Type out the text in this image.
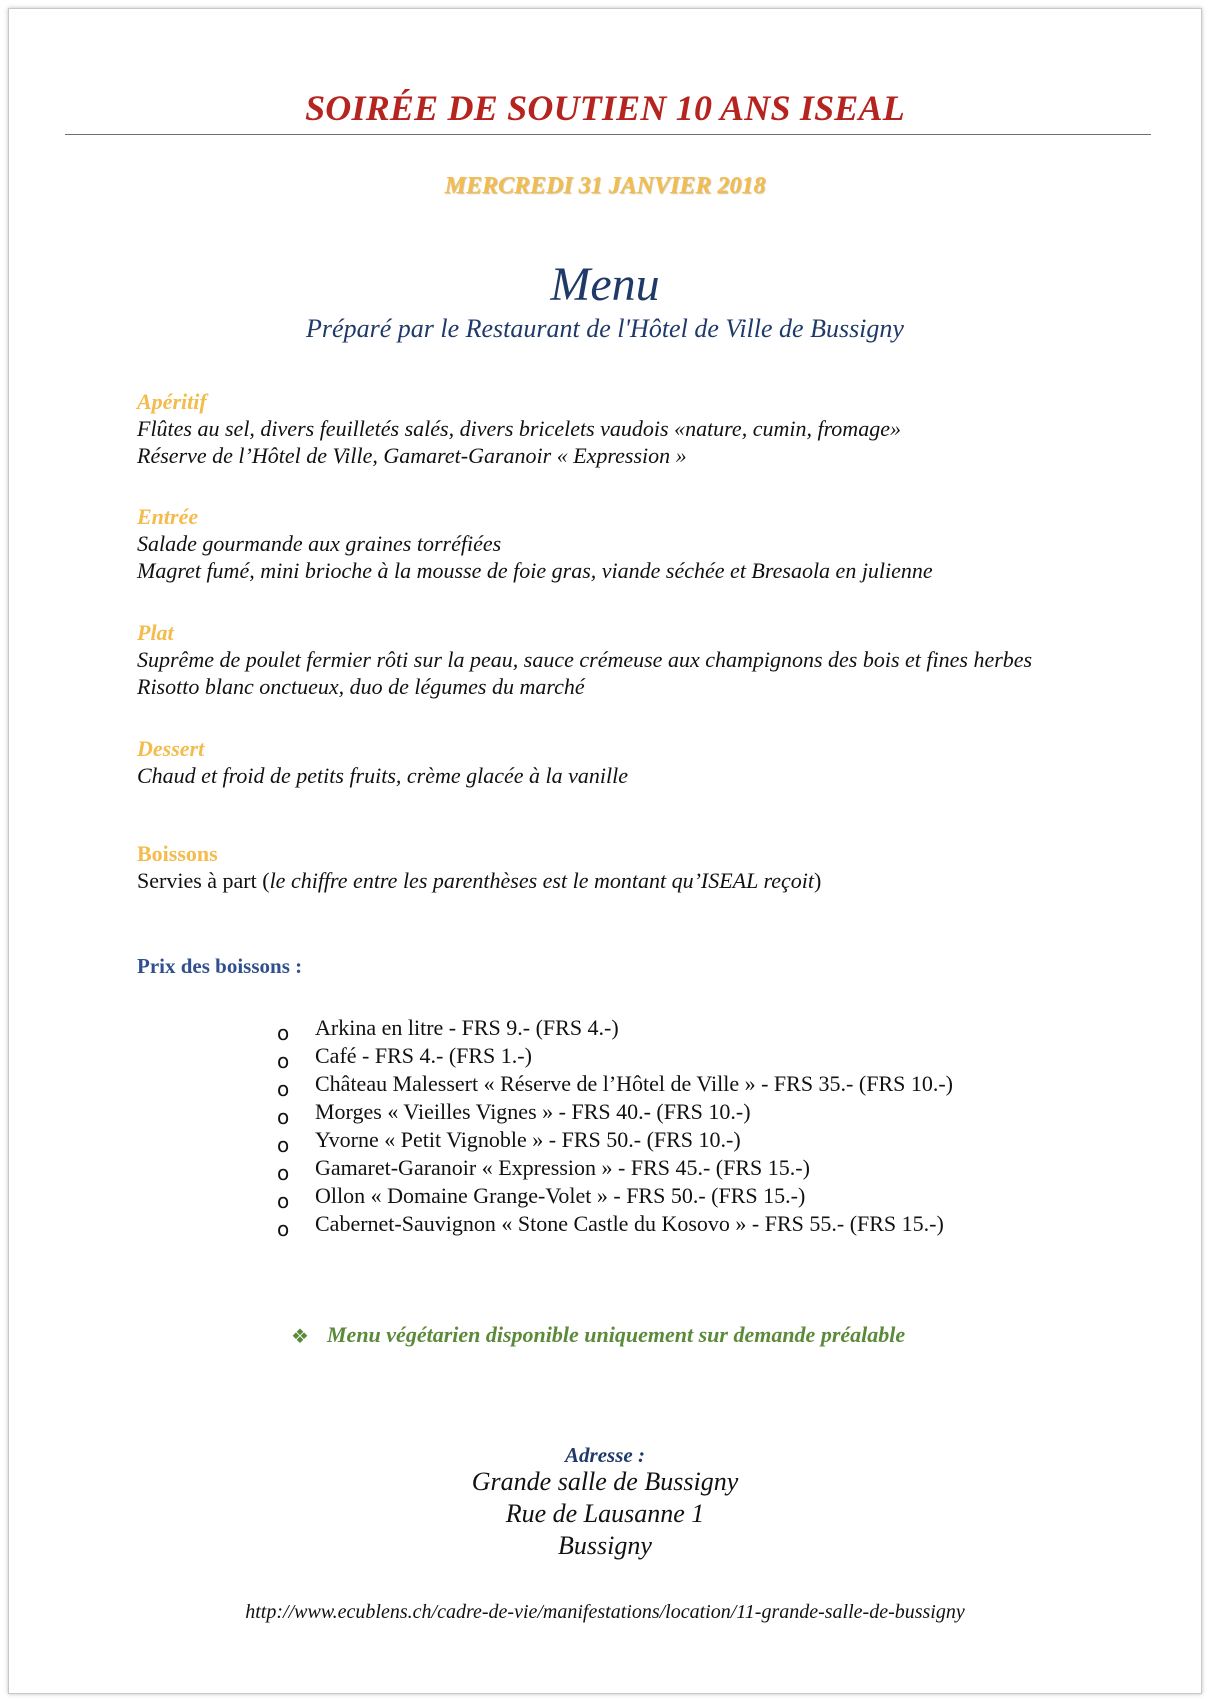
SOIRÉE DE SOUTIEN 10 ANS ISEAL

MERCREDI 31 JANVIER 2018

Menu

Préparé par le Restaurant de l'Hôtel de Ville de Bussigny

Apéritif

Flûtes au sel, divers feuilletés salés, divers bricelets vaudois «nature, cumin, fromage»

Réserve de l’Hôtel de Ville, Gamaret-Garanoir « Expression »

Entrée

Salade gourmande aux graines torréfiées

Magret fumé, mini brioche à la mousse de foie gras, viande séchée et Bresaola en julienne

Plat

Suprême de poulet fermier rôti sur la peau, sauce crémeuse aux champignons des bois et fines herbes

Risotto blanc onctueux, duo de légumes du marché

Dessert

Chaud et froid de petits fruits, crème glacée à la vanille

Boissons

Servies à part (le chiffre entre les parenthèses est le montant qu’ISEAL reçoit)

Prix des boissons :

o Arkina en litre - FRS 9.- (FRS 4.-)

o Café - FRS 4.- (FRS 1.-)

o Château Malessert « Réserve de l’Hôtel de Ville » - FRS 35.- (FRS 10.-)

o Morges « Vieilles Vignes » - FRS 40.- (FRS 10.-)

o Yvorne « Petit Vignoble » - FRS 50.- (FRS 10.-)

o Gamaret-Garanoir « Expression » - FRS 45.- (FRS 15.-)

o Ollon « Domaine Grange-Volet » - FRS 50.- (FRS 15.-)

o Cabernet-Sauvignon « Stone Castle du Kosovo » - FRS 55.- (FRS 15.-)

❖ Menu végétarien disponible uniquement sur demande préalable

Adresse :

Grande salle de Bussigny

Rue de Lausanne 1

Bussigny

http://www.ecublens.ch/cadre-de-vie/manifestations/location/11-grande-salle-de-bussigny
